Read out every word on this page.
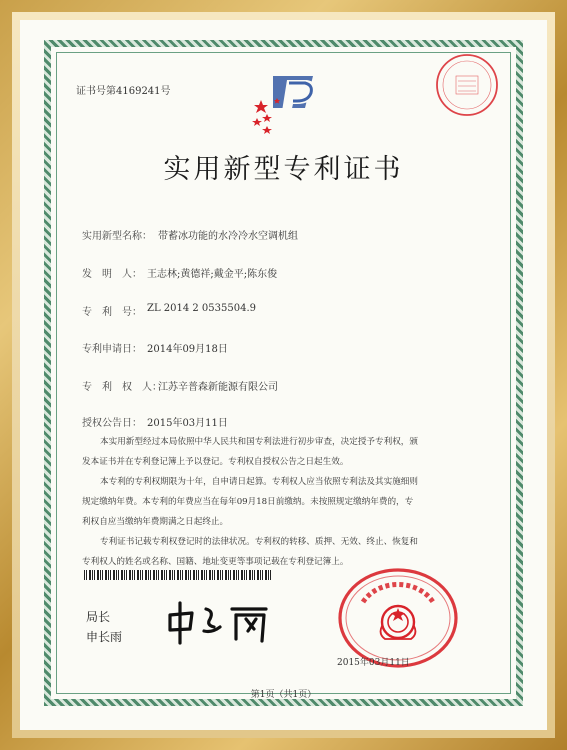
证书号第4169241号
实用新型专利证书
实用新型名称： 带蓄冰功能的水冷冷水空调机组
发　明　人： 王志林;黄德祥;戴金平;陈东俊
专　利　号： ZL 2014 2 0535504.9
专利申请日： 2014年09月18日
专　利　权　人：
江苏辛普森新能源有限公司
授权公告日： 2015年03月11日
本实用新型经过本局依照中华人民共和国专利法进行初步审查，决定授予专利权，颁
发本证书并在专利登记簿上予以登记。专利权自授权公告之日起生效。
本专利的专利权期限为十年，自申请日起算。专利权人应当依照专利法及其实施细则
规定缴纳年费。本专利的年费应当在每年09月18日前缴纳。未按照规定缴纳年费的，专
利权自应当缴纳年费期满之日起终止。
专利证书记载专利权登记时的法律状况。专利权的转移、质押、无效、终止、恢复和
专利权人的姓名或名称、国籍、地址变更等事项记载在专利登记簿上。
局长
申长雨
2015年03月11日
第1页（共1页）
